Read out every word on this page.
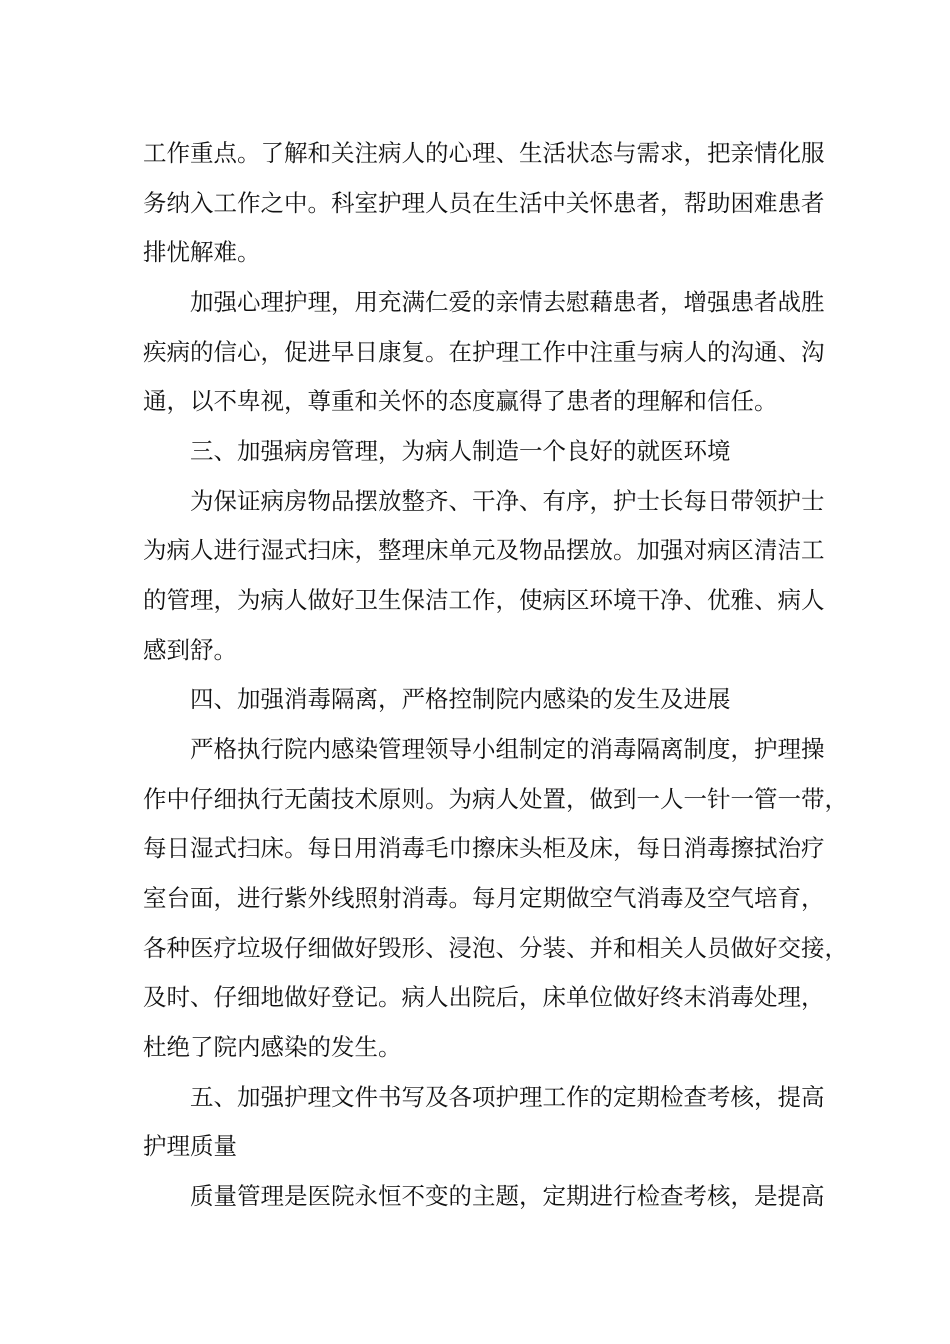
工作重点。了解和关注病人的心理、生活状态与需求，把亲情化服
务纳入工作之中。科室护理人员在生活中关怀患者，帮助困难患者
排忧解难。
加强心理护理，用充满仁爱的亲情去慰藉患者，增强患者战胜
疾病的信心，促进早日康复。在护理工作中注重与病人的沟通、沟
通，以不卑视，尊重和关怀的态度赢得了患者的理解和信任。
三、加强病房管理，为病人制造一个良好的就医环境
为保证病房物品摆放整齐、干净、有序，护士长每日带领护士
为病人进行湿式扫床，整理床单元及物品摆放。加强对病区清洁工
的管理，为病人做好卫生保洁工作，使病区环境干净、优雅、病人
感到舒。
四、加强消毒隔离，严格控制院内感染的发生及进展
严格执行院内感染管理领导小组制定的消毒隔离制度，护理操
作中仔细执行无菌技术原则。为病人处置，做到一人一针一管一带，
每日湿式扫床。每日用消毒毛巾擦床头柜及床，每日消毒擦拭治疗
室台面，进行紫外线照射消毒。每月定期做空气消毒及空气培育，
各种医疗垃圾仔细做好毁形、浸泡、分装、并和相关人员做好交接，
及时、仔细地做好登记。病人出院后，床单位做好终末消毒处理，
杜绝了院内感染的发生。
五、加强护理文件书写及各项护理工作的定期检查考核，提高
护理质量
质量管理是医院永恒不变的主题，定期进行检查考核，是提高
